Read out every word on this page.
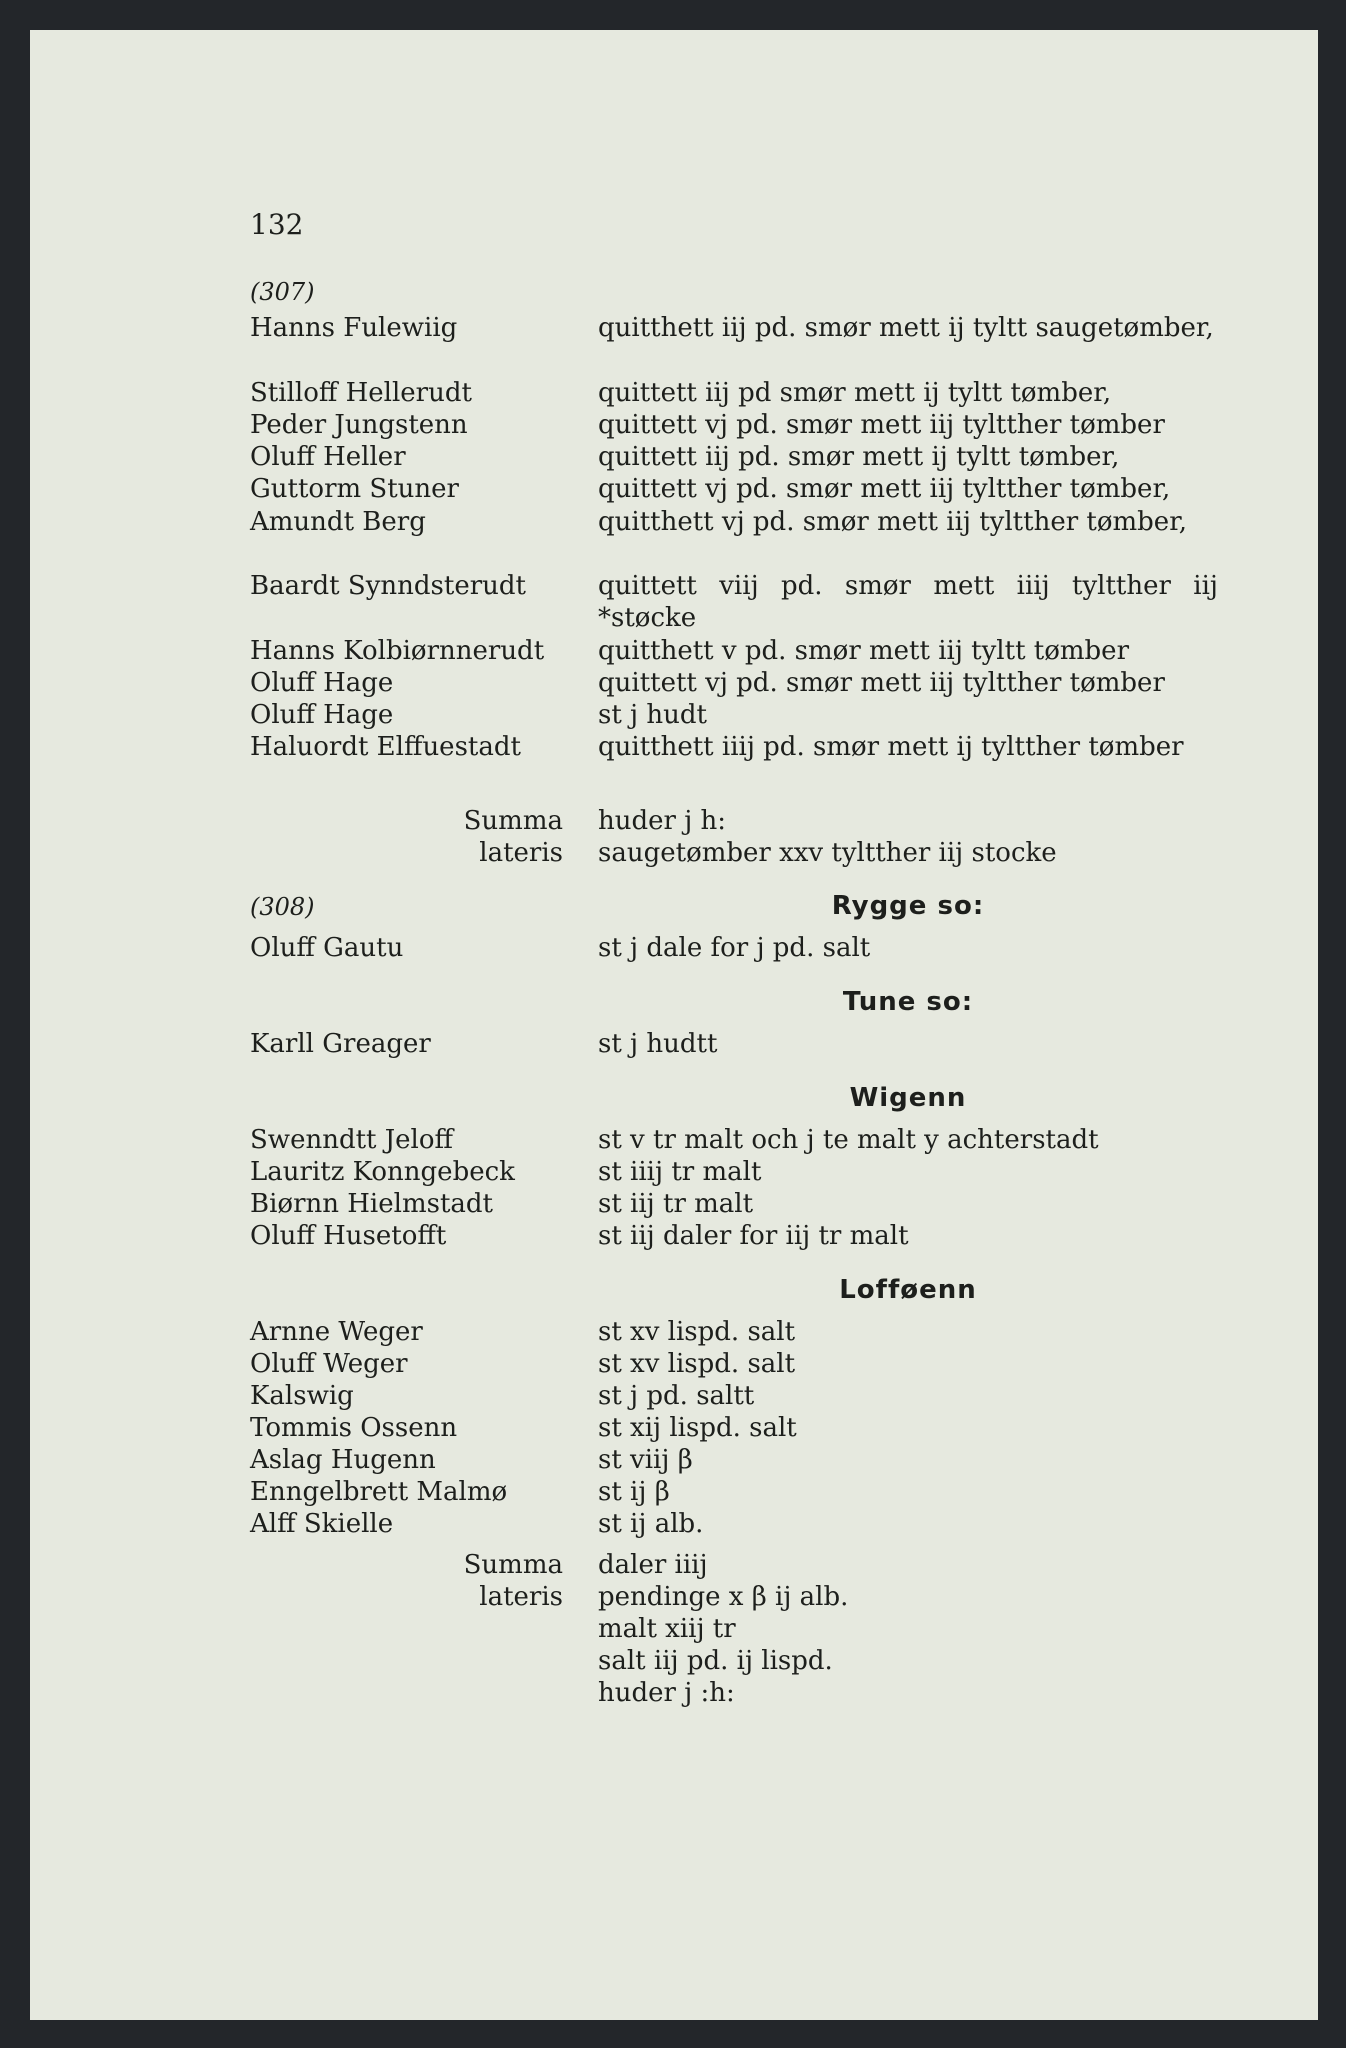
132
(307)
Hanns Fulewiig	quitthett iij pd. smør mett ij tyltt saugetømber,
Stilloff Hellerudt	quittett iij pd smør mett ij tyltt tømber,
Peder Jungstenn	quittett vj pd. smør mett iij tyltther tømber
Oluff Heller	quittett iij pd. smør mett ij tyltt tømber,
Guttorm Stuner	quittett vj pd. smør mett iij tyltther tømber,
Amundt Berg	quitthett vj pd. smør mett iij tyltther tømber,
Baardt Synndsterudt	quittett viij pd. smør mett iiij tyltther iij *støcke
Hanns Kolbiørnnerudt quitthett v pd. smør mett iij tyltt tømber
Oluff Hage	quittett vj pd. smør mett iij tyltther tømber
Oluff Hage	st j hudt
Haluordt Elffuestadt	quitthett iiij pd. smør mett ij tyltther tømber
Summa huder j h:
lateris saugetømber xxv tyltther iij stocke
(308)	Rygge so:
Oluff Gautu	st j dale for j pd. salt
Tune so:
Karll Greager	st j hudtt
Wigenn
Swenndtt Jeloff	st v tr malt och j te malt y achterstadt
Lauritz Konngebeck	st iiij tr malt
Biørnn Hielmstadt	st iij tr malt
Oluff Husetofft	st iij daler for iij tr malt
Lofføenn
Arnne Weger	st xv lispd. salt
Oluff Weger	st xv lispd. salt
Kalswig	st j pd. saltt
Tommis Ossenn	st xij lispd. salt
Aslag Hugenn	st viij β
Enngelbrett Malmø	st ij β
Alff Skielle	st ij alb.
Summa daler iiij
lateris pendinge x β ij alb.
malt xiij tr
salt iij pd. ij lispd.
huder j :h:
